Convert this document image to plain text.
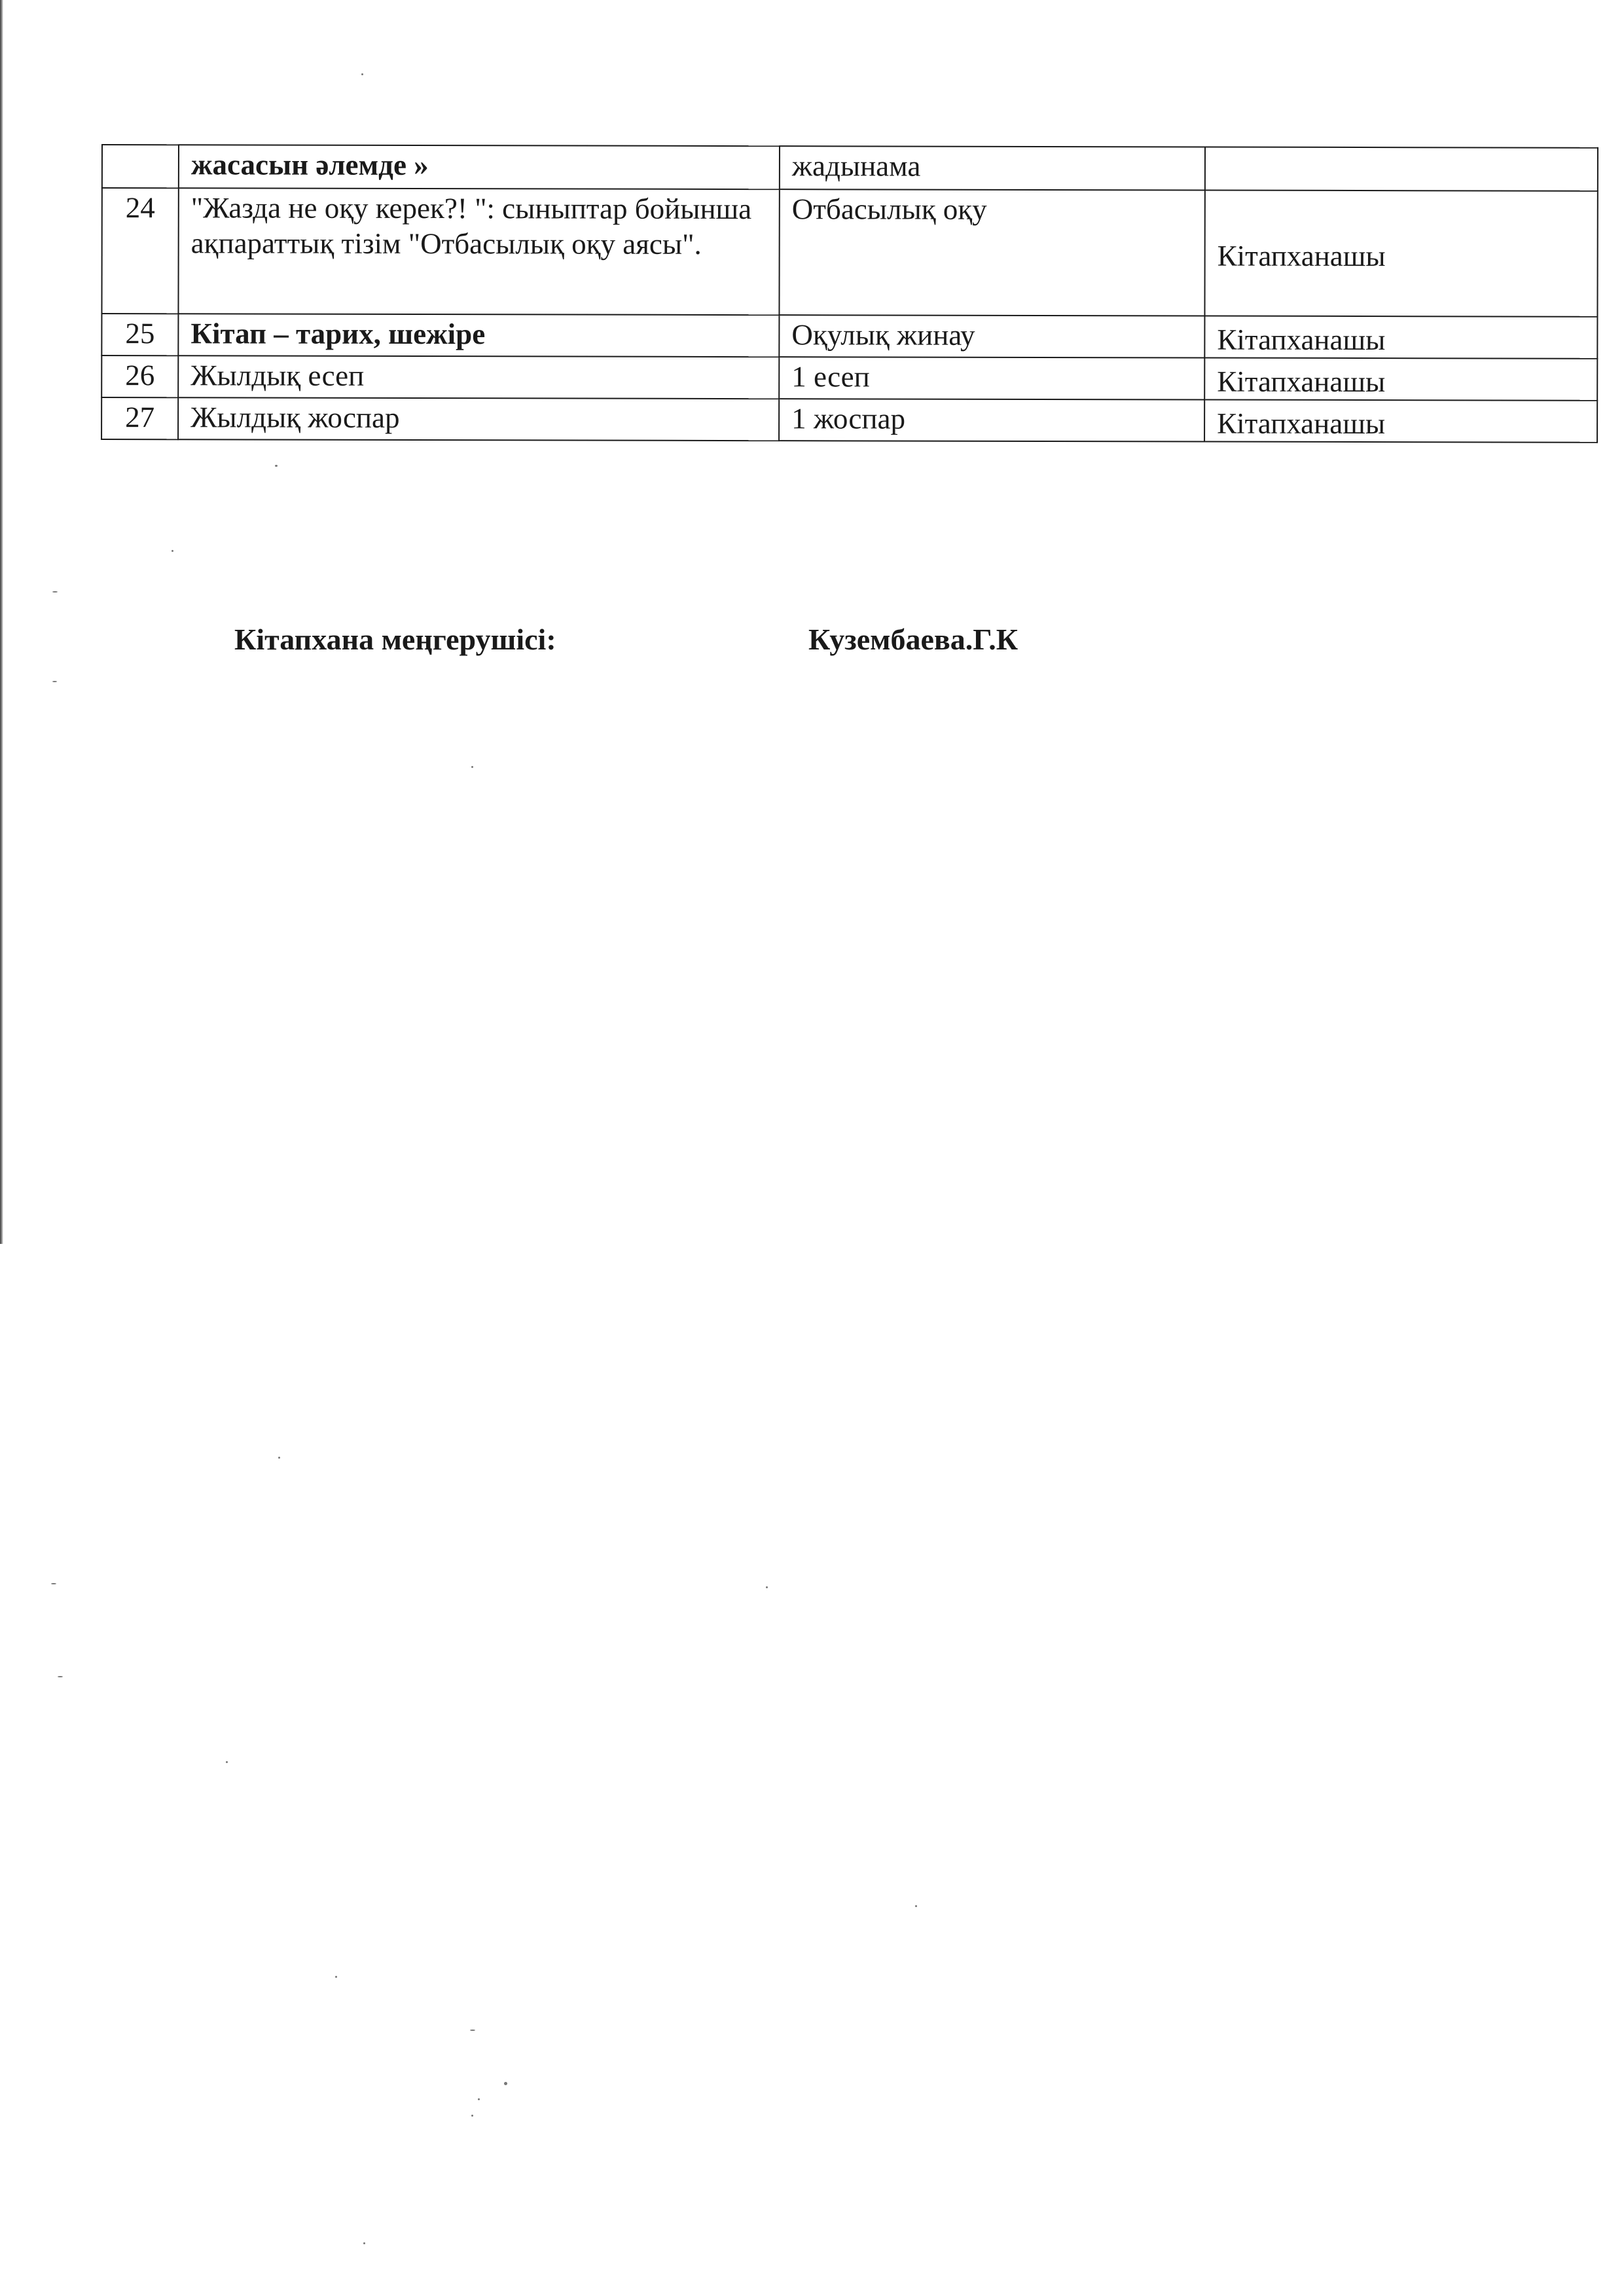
	жасасын әлемде »	жадынама	
24	"Жазда не оқу керек?! ": сыныптар бойынша ақпараттық тізім "Отбасылық оқу аясы".	Отбасылық оқу	Кітапханашы
25	Кітап – тарих, шежіре	Оқулық жинау	Кітапханашы
26	Жылдық есеп	1 есеп	Кітапханашы
27	Жылдық жоспар	1 жоспар	Кітапханашы
Кітапхана меңгерушісі:	Кузембаева.Г.К
